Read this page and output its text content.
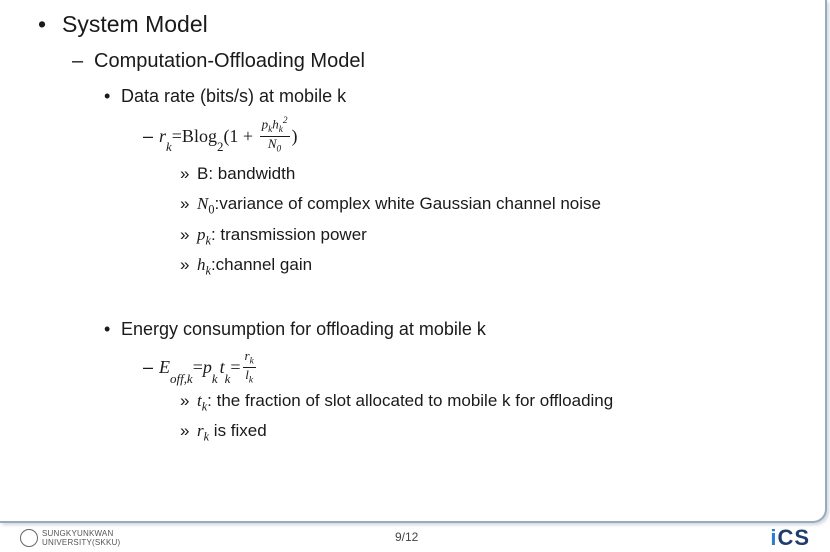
• System Model
– Computation-Offloading Model
• Data rate (bits/s) at mobile k
– r
$_k$
=Blog
$_2$
($1 + \frac{p_kh_k^2}{N_0}$ )
» B: bandwidth
» $N_0:variance$ of complex white Gaussian channel noise
» $p_k$: transmission power
» $h_k:channel$ gain
• Energy consumption for offloading at mobile k
– E
$_{off,k}$
= p
$_k$
t
$_k$
= $\frac{r_k}{l_k}$
» $t_k$: the fraction of slot allocated to mobile k for offloading
» $r_k$ is fixed
SUNGKYUNKWAN
UNIVERSITY(SKKU)	9/12	iCS
